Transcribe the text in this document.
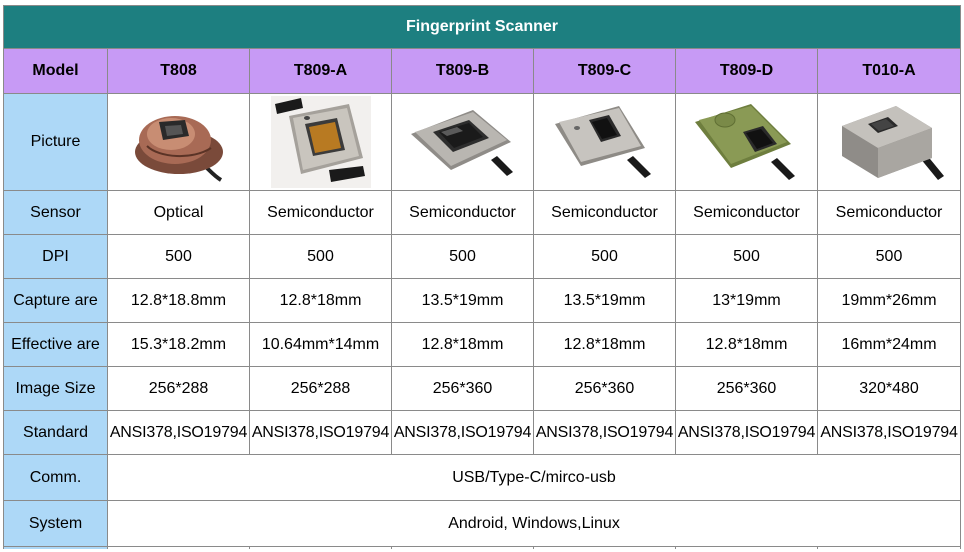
Fingerprint Scanner						
Model	T808	T809-A	T809-B	T809-C	T809-D	T010-A
Picture	

Sensor	Optical	Semiconductor	Semiconductor	Semiconductor	Semiconductor	Semiconductor
DPI	500	500	500	500	500	500
Capture are	12.8*18.8mm	12.8*18mm	13.5*19mm	13.5*19mm	13*19mm	19mm*26mm
Effective are	15.3*18.2mm	10.64mm*14mm	12.8*18mm	12.8*18mm	12.8*18mm	16mm*24mm
Image Size	256*288	256*288	256*360	256*360	256*360	320*480
Standard	ANSI378,ISO19794	ANSI378,ISO19794	ANSI378,ISO19794	ANSI378,ISO19794	ANSI378,ISO19794	ANSI378,ISO19794
Comm.	USB/Type-C/mirco-usb					
System	Android, Windows,Linux					
